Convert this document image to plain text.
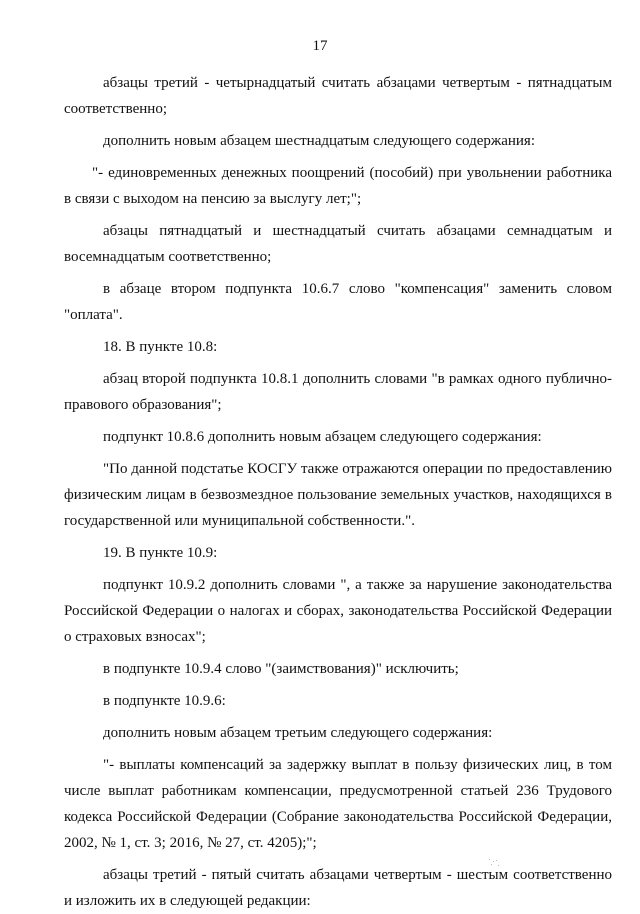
17

абзацы третий - четырнадцатый считать абзацами четвертым - пятнадцатым соответственно;

дополнить новым абзацем шестнадцатым следующего содержания:

"- единовременных денежных поощрений (пособий) при увольнении работника в связи с выходом на пенсию за выслугу лет;";

абзацы пятнадцатый и шестнадцатый считать абзацами семнадцатым и восемнадцатым соответственно;

в абзаце втором подпункта 10.6.7 слово "компенсация" заменить словом "оплата".

18. В пункте 10.8:

абзац второй подпункта 10.8.1 дополнить словами "в рамках одного публично-правового образования";

подпункт 10.8.6 дополнить новым абзацем следующего содержания:

"По данной подстатье КОСГУ также отражаются операции по предоставлению физическим лицам в безвозмездное пользование земельных участков, находящихся в государственной или муниципальной собственности.".

19. В пункте 10.9:

подпункт 10.9.2 дополнить словами ", а также за нарушение законодательства Российской Федерации о налогах и сборах, законодательства Российской Федерации о страховых взносах";

в подпункте 10.9.4 слово "(заимствования)" исключить;

в подпункте 10.9.6:

дополнить новым абзацем третьим следующего содержания:

"- выплаты компенсаций за задержку выплат в пользу физических лиц, в том числе выплат работникам компенсации, предусмотренной статьей 236 Трудового кодекса Российской Федерации (Собрание законодательства Российской Федерации, 2002, № 1, ст. 3; 2016, № 27, ст. 4205);";

абзацы третий - пятый считать абзацами четвертым - шестым соответственно и изложить их в следующей редакции:
